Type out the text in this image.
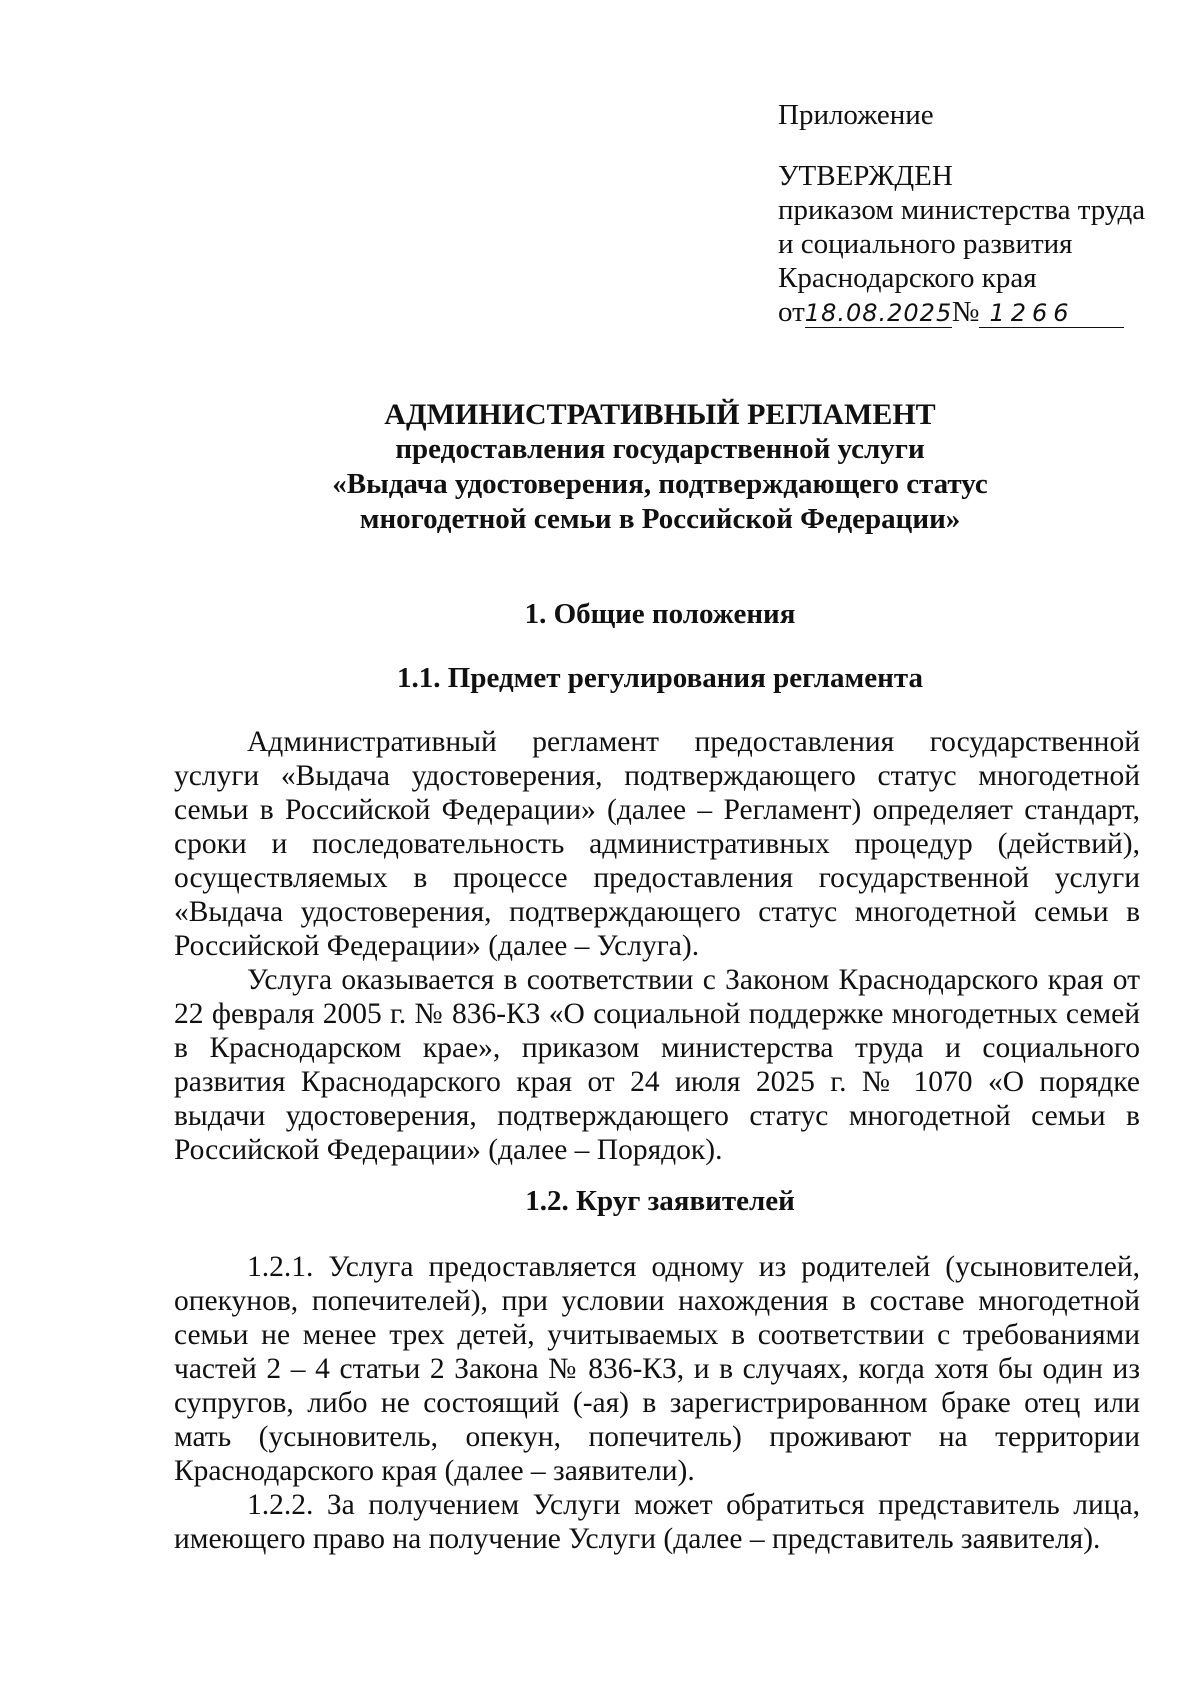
Приложение
УТВЕРЖДЕН
приказом министерства труда
и социального развития
Краснодарского края
от18.08.2025№ 1266
АДМИНИСТРАТИВНЫЙ РЕГЛАМЕНТ
предоставления государственной услуги
«Выдача удостоверения, подтверждающего статус
многодетной семьи в Российской Федерации»
1. Общие положения
1.1. Предмет регулирования регламента

Административный регламент предоставления государственной услуги «Выдача удостоверения, подтверждающего статус многодетной семьи в Российской Федерации» (далее – Регламент) определяет стандарт, сроки и последовательность административных процедур (действий), осуществляемых в процессе предоставления государственной услуги «Выдача удостоверения, подтверждающего статус многодетной семьи в Российской Федерации» (далее – Услуга).

Услуга оказывается в соответствии с Законом Краснодарского края от 22 февраля 2005 г. № 836-КЗ «О социальной поддержке многодетных семей в Краснодарском крае», приказом министерства труда и социального развития Краснодарского края от 24 июля 2025 г. № 1070 «О порядке выдачи удостоверения, подтверждающего статус многодетной семьи в Российской Федерации» (далее – Порядок).

1.2. Круг заявителей

1.2.1. Услуга предоставляется одному из родителей (усыновителей, опекунов, попечителей), при условии нахождения в составе многодетной семьи не менее трех детей, учитываемых в соответствии с требованиями частей 2 – 4 статьи 2 Закона № 836-КЗ, и в случаях, когда хотя бы один из супругов, либо не состоящий (-ая) в зарегистрированном браке отец или мать (усыновитель, опекун, попечитель) проживают на территории Краснодарского края (далее – заявители).

1.2.2. За получением Услуги может обратиться представитель лица, имеющего право на получение Услуги (далее – представитель заявителя).
